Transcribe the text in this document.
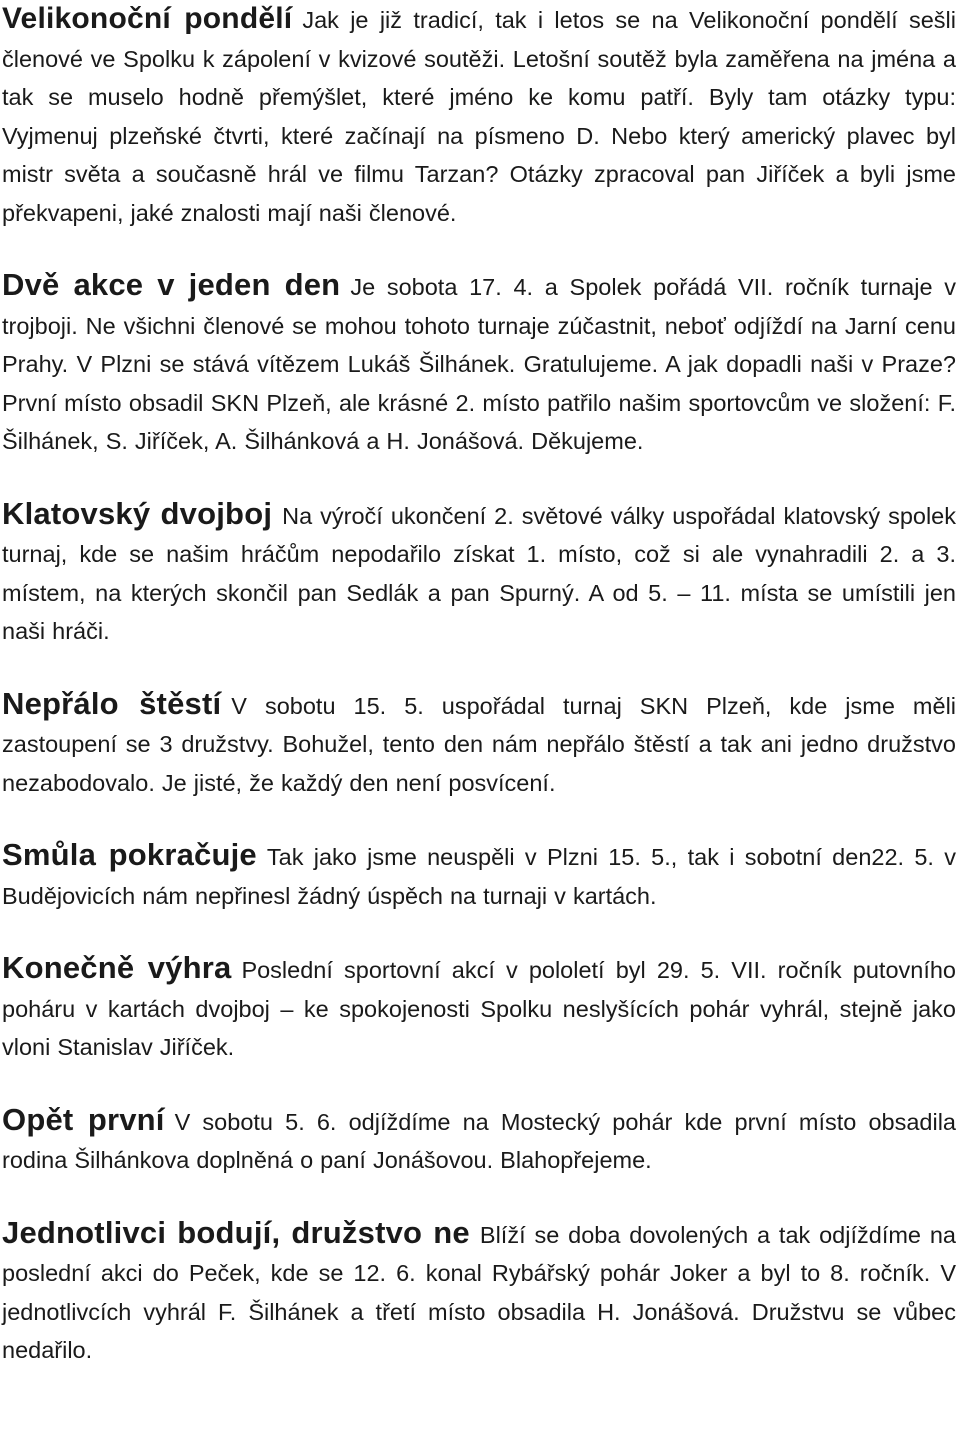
Velikonoční pondělí Jak je již tradicí, tak i letos se na Velikonoční pondělí sešli členové ve Spolku k zápolení v kvizové soutěži. Letošní soutěž byla zaměřena na jména a tak se muselo hodně přemýšlet, které jméno ke komu patří. Byly tam otázky typu: Vyjmenuj plzeňské čtvrti, které začínají na písmeno D. Nebo který americký plavec byl mistr světa a současně hrál ve filmu Tarzan? Otázky zpracoval pan Jiříček a byli jsme překvapeni, jaké znalosti mají naši členové.

Dvě akce v jeden den Je sobota 17. 4. a Spolek pořádá VII. ročník turnaje v trojboji. Ne všichni členové se mohou tohoto turnaje zúčastnit, neboť odjíždí na Jarní cenu Prahy. V Plzni se stává vítězem Lukáš Šilhánek. Gratulujeme. A jak dopadli naši v Praze? První místo obsadil SKN Plzeň, ale krásné 2. místo patřilo našim sportovcům ve složení: F. Šilhánek, S. Jiříček, A. Šilhánková a H. Jonášová. Děkujeme.

Klatovský dvojboj Na výročí ukončení 2. světové války uspořádal klatovský spolek turnaj, kde se našim hráčům nepodařilo získat 1. místo, což si ale vynahradili 2. a 3. místem, na kterých skončil pan Sedlák a pan Spurný. A od 5. – 11. místa se umístili jen naši hráči.

Nepřálo štěstí V sobotu 15. 5. uspořádal turnaj SKN Plzeň, kde jsme měli zastoupení se 3 družstvy. Bohužel, tento den nám nepřálo štěstí a tak ani jedno družstvo nezabodovalo. Je jisté, že každý den není posvícení.

Smůla pokračuje Tak jako jsme neuspěli v Plzni 15. 5., tak i sobotní den22. 5. v Budějovicích nám nepřinesl žádný úspěch na turnaji v kartách.

Konečně výhra Poslední sportovní akcí v pololetí byl 29. 5. VII. ročník putovního poháru v kartách dvojboj – ke spokojenosti Spolku neslyšících pohár vyhrál, stejně jako vloni Stanislav Jiříček.

Opět první V sobotu 5. 6. odjíždíme na Mostecký pohár kde první místo obsadila rodina Šilhánkova doplněná o paní Jonášovou. Blahopřejeme.

Jednotlivci bodují, družstvo ne Blíží se doba dovolených a tak odjíždíme na poslední akci do Peček, kde se 12. 6. konal Rybářský pohár Joker a byl to 8. ročník. V jednotlivcích vyhrál F. Šilhánek a třetí místo obsadila H. Jonášová. Družstvu se vůbec nedařilo.
